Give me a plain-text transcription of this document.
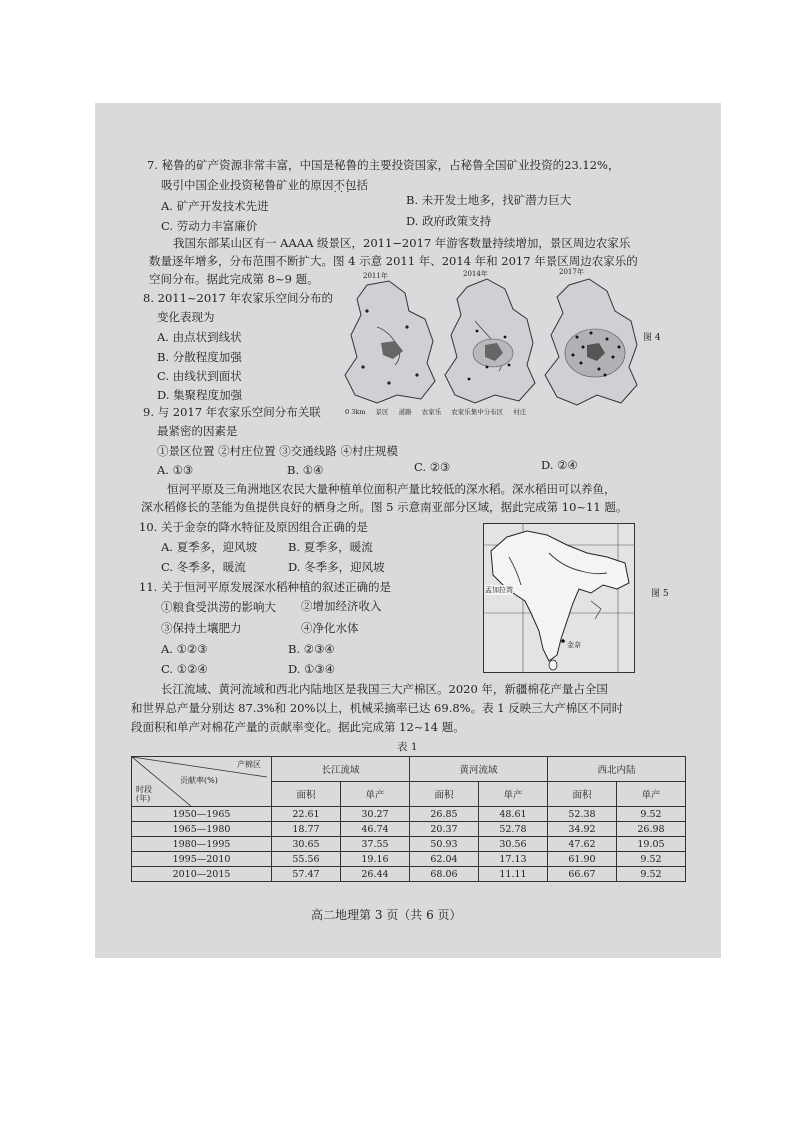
7. 秘鲁的矿产资源非常丰富，中国是秘鲁的主要投资国家，占秘鲁全国矿业投资的23.12%，
吸引中国企业投资秘鲁矿业的原因不包括 · · ·
A. 矿产开发技术先进	B. 未开发土地多，找矿潜力巨大
C. 劳动力丰富廉价	D. 政府政策支持
我国东部某山区有一 AAAA 级景区，2011−2017 年游客数量持续增加，景区周边农家乐
数量逐年增多，分布范围不断扩大。图 4 示意 2011 年、2014 年和 2017 年景区周边农家乐的
空间分布。据此完成第 8~9 题。
8. 2011~2017 年农家乐空间分布的
变化表现为
A. 由点状到线状
B. 分散程度加强
C. 由线状到面状
D. 集聚程度加强
2011年	2014年	2017年
图 4
0 3km 景区 道路 农家乐 农家乐集中分布区 村庄
9. 与 2017 年农家乐空间分布关联
最紧密的因素是
①景区位置 ②村庄位置 ③交通线路 ④村庄规模
A. ①③	B. ①④	C. ②③	D. ②④
恒河平原及三角洲地区农民大量种植单位面积产量比较低的深水稻。深水稻田可以养鱼，
深水稻修长的茎能为鱼提供良好的栖身之所。图 5 示意南亚部分区域，据此完成第 10~11 题。
10. 关于金奈的降水特征及原因组合正确的是
A. 夏季多，迎风坡	B. 夏季多，暖流
C. 冬季多，暖流	D. 冬季多，迎风坡
11. 关于恒河平原发展深水稻种植的叙述正确的是
①粮食受洪涝的影响大 ②增加经济收入
③保持土壤肥力	④净化水体
A. ①②③	B. ②③④
C. ①②④	D. ①③④
孟加拉湾
金奈
图 5
长江流域、黄河流域和西北内陆地区是我国三大产棉区。2020 年，新疆棉花产量占全国
和世界总产量分别达 87.3%和 20%以上，机械采摘率已达 69.8%。表 1 反映三大产棉区不同时
段面积和单产对棉花产量的贡献率变化。据此完成第 12~14 题。
表 1
产棉区
贡献率(%)
时段
(年)	长江流域		黄河流域		西北内陆	
	面积	单产	面积	单产	面积	单产
1950—1965	22.61	30.27	26.85	48.61	52.38	9.52
1965—1980	18.77	46.74	20.37	52.78	34.92	26.98
1980—1995	30.65	37.55	50.93	30.56	47.62	19.05
1995—2010	55.56	19.16	62.04	17.13	61.90	9.52
2010—2015	57.47	26.44	68.06	11.11	66.67	9.52
高二地理第 3 页（共 6 页）
